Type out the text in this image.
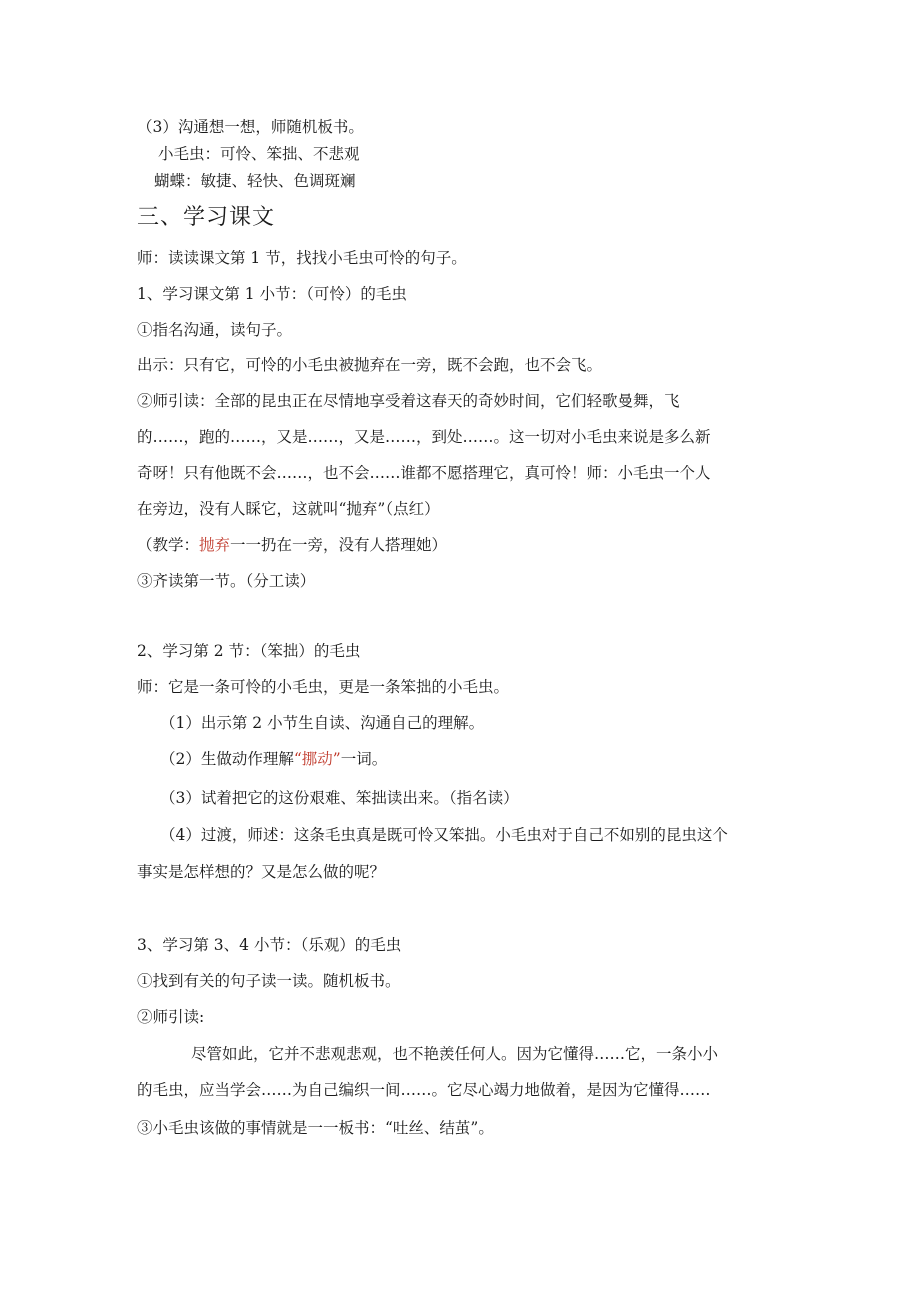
（3）沟通想一想，师随机板书。
小毛虫：可怜、笨拙、不悲观
蝴蝶：敏捷、轻快、色调斑斓
三、学习课文
师：读读课文第 1 节，找找小毛虫可怜的句子。
1、学习课文第 1 小节：（可怜）的毛虫
①指名沟通，读句子。
出示：只有它，可怜的小毛虫被抛弃在一旁，既不会跑，也不会飞。
②师引读：全部的昆虫正在尽情地享受着这春天的奇妙时间，它们轻歌曼舞，飞
的……，跑的……，又是……，又是……，到处……。这一切对小毛虫来说是多么新
奇呀！只有他既不会……，也不会……谁都不愿搭理它，真可怜！师：小毛虫一个人
在旁边，没有人睬它，这就叫“抛弃”（点红）
（教学：抛弃一一扔在一旁，没有人搭理她）
③齐读第一节。（分工读）
2、学习第 2 节：（笨拙）的毛虫
师：它是一条可怜的小毛虫，更是一条笨拙的小毛虫。
（1）出示第 2 小节生自读、沟通自己的理解。
（2）生做动作理解“挪动”一词。
（3）试着把它的这份艰难、笨拙读出来。（指名读）
（4）过渡，师述：这条毛虫真是既可怜又笨拙。小毛虫对于自己不如别的昆虫这个
事实是怎样想的？又是怎么做的呢？
3、学习第 3、4 小节：（乐观）的毛虫
①找到有关的句子读一读。随机板书。
②师引读:
尽管如此，它并不悲观悲观，也不艳羡任何人。因为它懂得……它，一条小小
的毛虫，应当学会……为自己编织一间……。它尽心竭力地做着，是因为它懂得……
③小毛虫该做的事情就是一一板书：“吐丝、结茧”。
